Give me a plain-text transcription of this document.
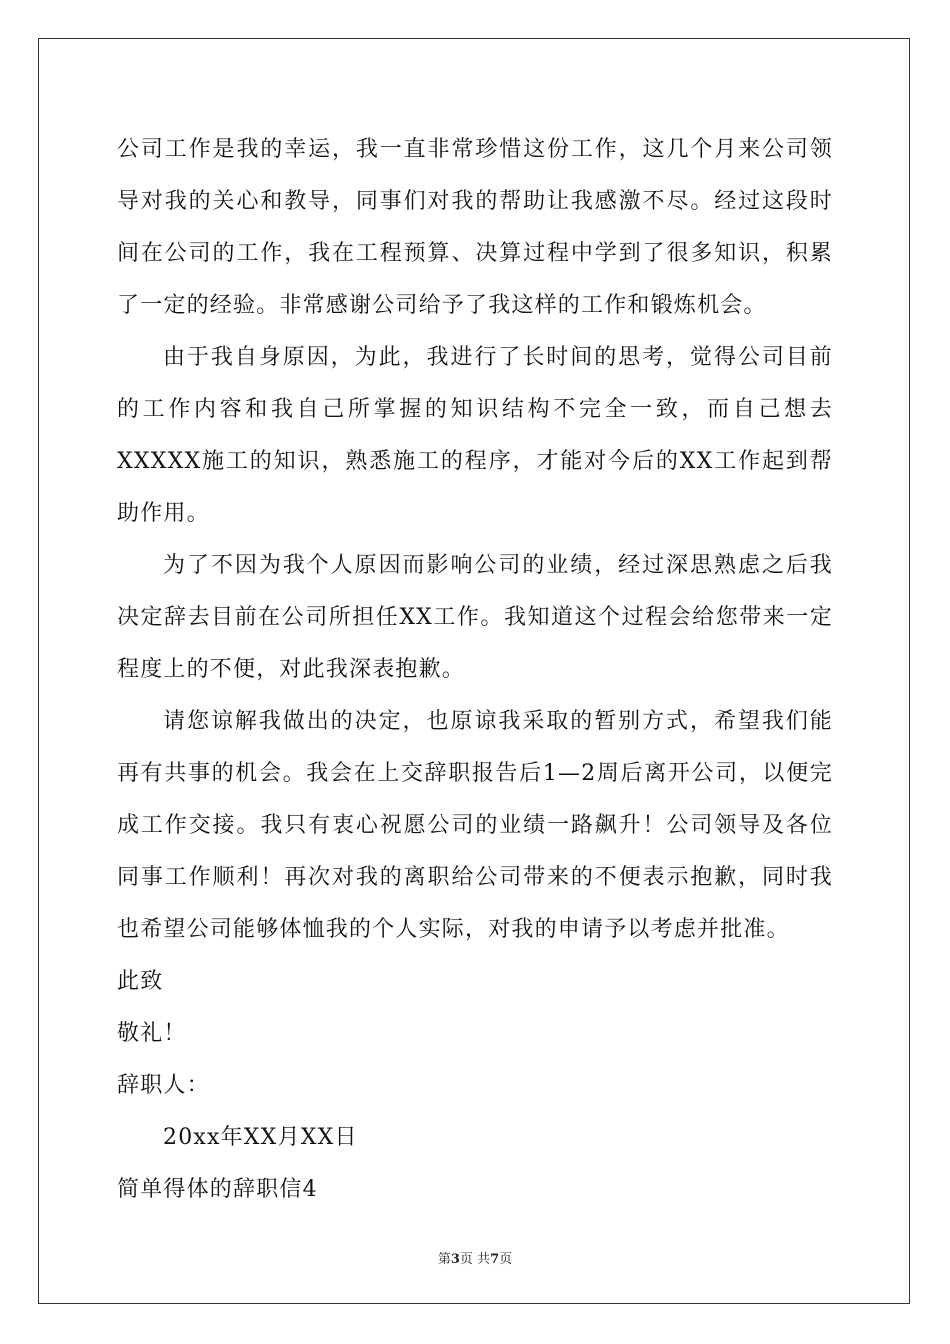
公司工作是我的幸运，我一直非常珍惜这份工作，这几个月来公司领导对我的关心和教导，同事们对我的帮助让我感激不尽。经过这段时间在公司的工作，我在工程预算、决算过程中学到了很多知识，积累了一定的经验。非常感谢公司给予了我这样的工作和锻炼机会。

由于我自身原因，为此，我进行了长时间的思考，觉得公司目前的工作内容和我自己所掌握的知识结构不完全一致，而自己想去XXXXX施工的知识，熟悉施工的程序，才能对今后的XX工作起到帮助作用。

为了不因为我个人原因而影响公司的业绩，经过深思熟虑之后我决定辞去目前在公司所担任XX工作。我知道这个过程会给您带来一定程度上的不便，对此我深表抱歉。

请您谅解我做出的决定，也原谅我采取的暂别方式，希望我们能再有共事的机会。我会在上交辞职报告后1—2周后离开公司，以便完成工作交接。我只有衷心祝愿公司的业绩一路飙升！公司领导及各位同事工作顺利！再次对我的离职给公司带来的不便表示抱歉，同时我也希望公司能够体恤我的个人实际，对我的申请予以考虑并批准。

此致

敬礼！

辞职人：

20xx年XX月XX日

简单得体的辞职信4

第3页 共7页
